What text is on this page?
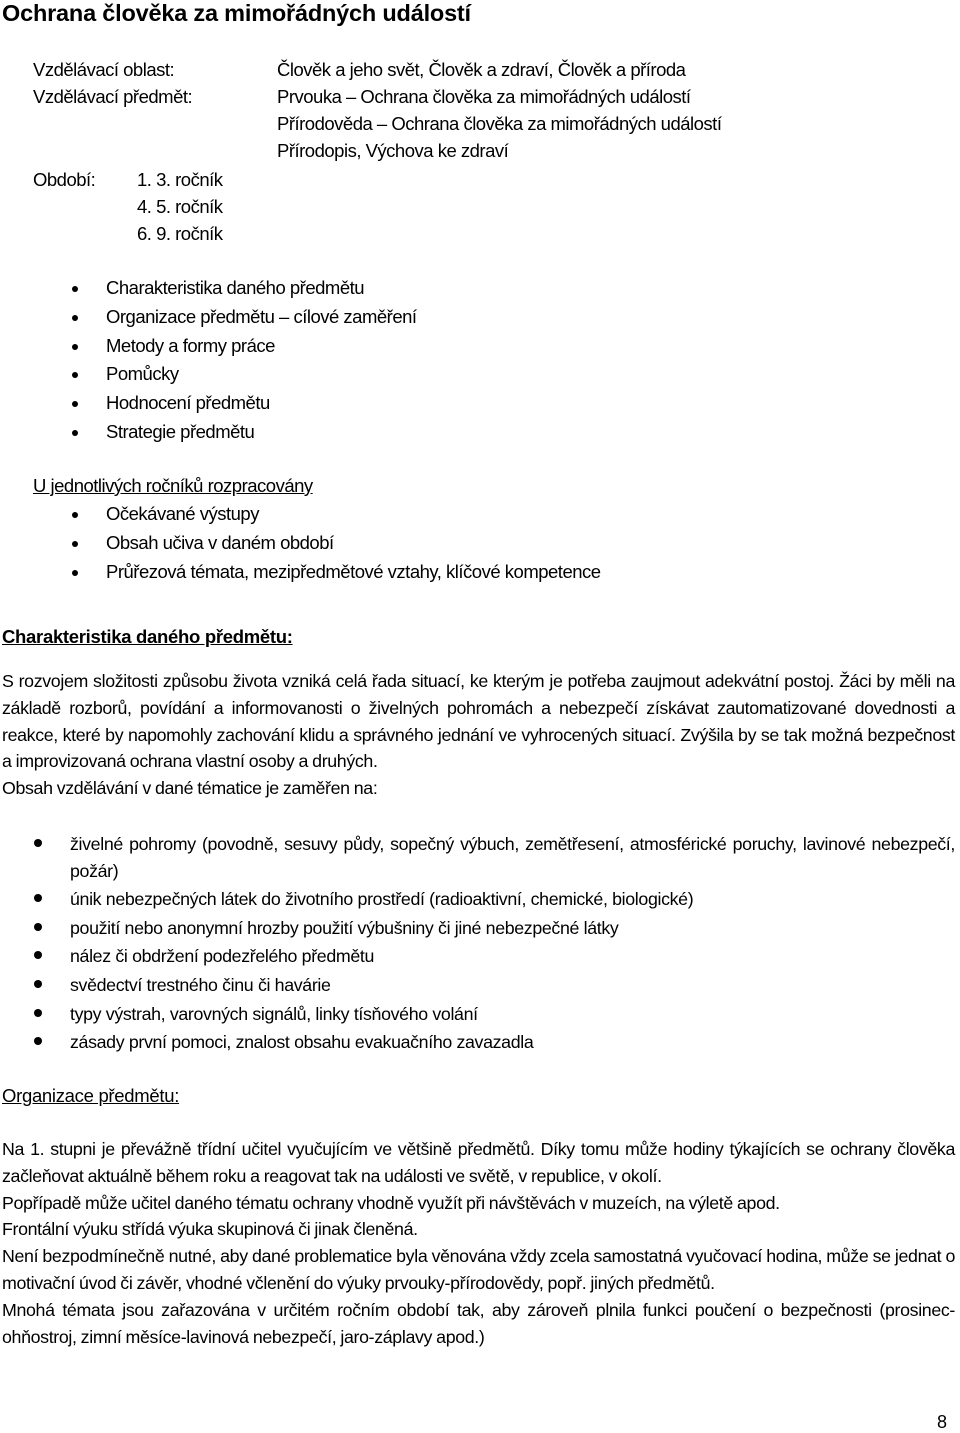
Ochrana člověka za mimořádných událostí
Vzdělávací oblast:	Člověk a jeho svět, Člověk a zdraví, Člověk a příroda
Vzdělávací předmět:	Prvouka – Ochrana člověka za mimořádných událostí
Přírodověda – Ochrana člověka za mimořádných událostí
Přírodopis, Výchova ke zdraví
Období: 1. 3. ročník
4. 5. ročník
6. 9. ročník
Charakteristika daného předmětu
Organizace předmětu – cílové zaměření
Metody a formy práce
Pomůcky
Hodnocení předmětu
Strategie předmětu
U jednotlivých ročníků rozpracovány
Očekávané výstupy
Obsah učiva v daném období
Průřezová témata, mezipředmětové vztahy, klíčové kompetence
Charakteristika daného předmětu:

S rozvojem složitosti způsobu života vzniká celá řada situací, ke kterým je potřeba zaujmout adekvátní postoj. Žáci by měli na základě rozborů, povídání a informovanosti o živelných pohromách a nebezpečí získávat zautomatizované dovednosti a reakce, které by napomohly zachování klidu a správného jednání ve vyhrocených situací. Zvýšila by se tak možná bezpečnost a improvizovaná ochrana vlastní osoby a druhých.

Obsah vzdělávání v dané tématice je zaměřen na:

živelné pohromy (povodně, sesuvy půdy, sopečný výbuch, zemětřesení, atmosférické poruchy, lavinové nebezpečí, požár)
únik nebezpečných látek do životního prostředí (radioaktivní, chemické, biologické)
použití nebo anonymní hrozby použití výbušniny či jiné nebezpečné látky
nález či obdržení podezřelého předmětu
svědectví trestného činu či havárie
typy výstrah, varovných signálů, linky tísňového volání
zásady první pomoci, znalost obsahu evakuačního zavazadla
Organizace předmětu:

Na 1. stupni je převážně třídní učitel vyučujícím ve většině předmětů. Díky tomu může hodiny týkajících se ochrany člověka začleňovat aktuálně během roku a reagovat tak na události ve světě, v republice, v okolí.

Popřípadě může učitel daného tématu ochrany vhodně využít při návštěvách v muzeích, na výletě apod.

Frontální výuku střídá výuka skupinová či jinak členěná.

Není bezpodmínečně nutné, aby dané problematice byla věnována vždy zcela samostatná vyučovací hodina, může se jednat o motivační úvod či závěr, vhodné včlenění do výuky prvouky-přírodovědy, popř. jiných předmětů.

Mnohá témata jsou zařazována v určitém ročním období tak, aby zároveň plnila funkci poučení o bezpečnosti (prosinec-ohňostroj, zimní měsíce-lavinová nebezpečí, jaro-záplavy apod.)

8
